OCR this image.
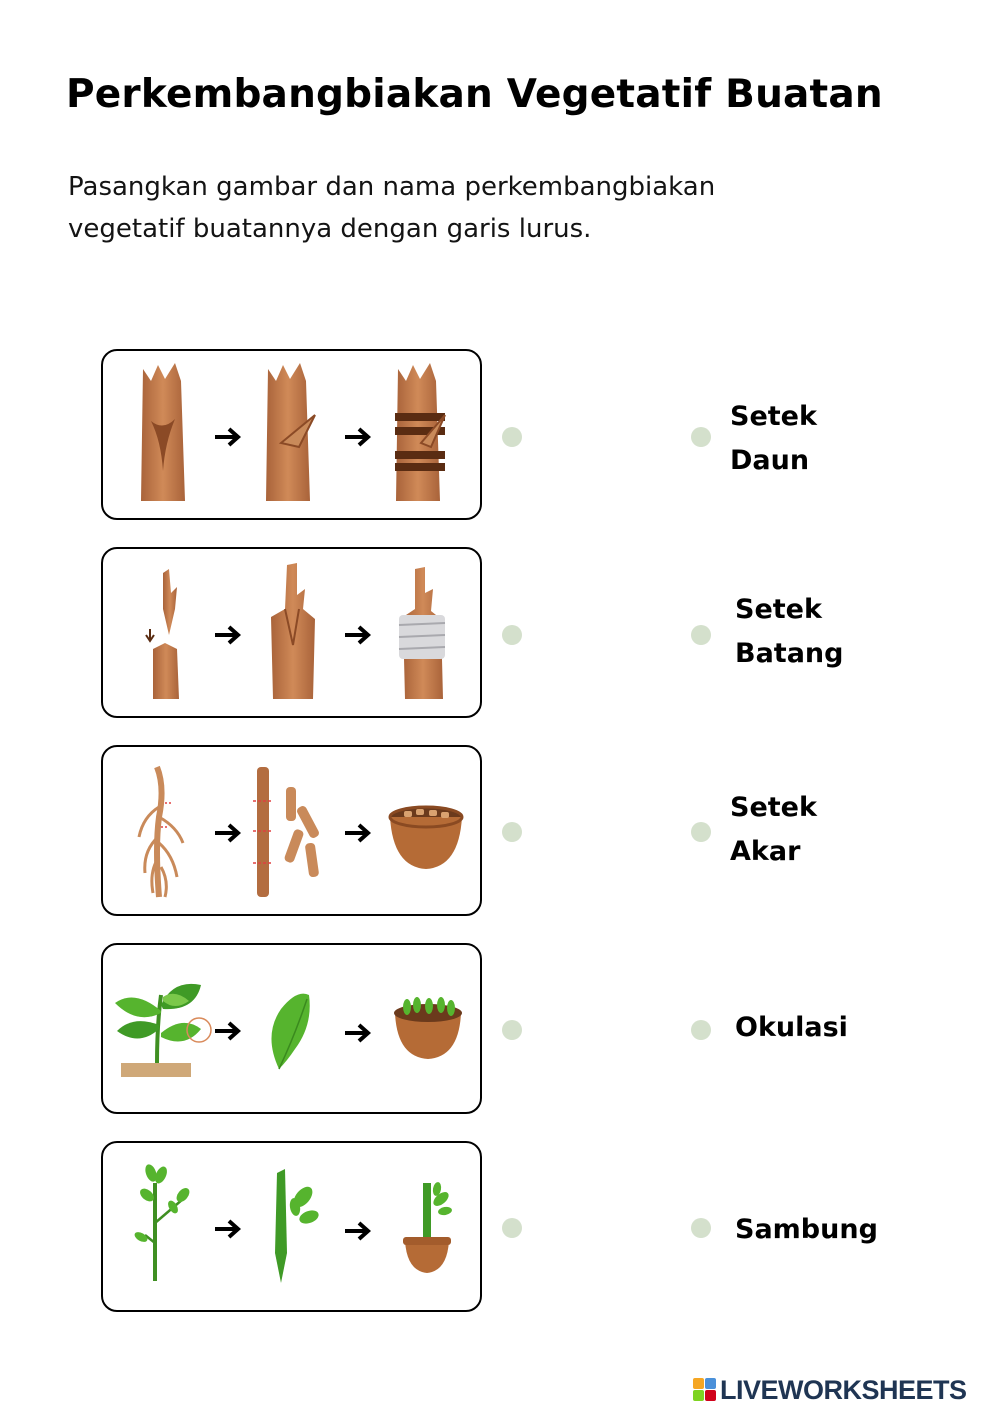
Perkembangbiakan Vegetatif Buatan
Pasangkan gambar dan nama perkembangbiakan
vegetatif buatannya dengan garis lurus.
Setek
Daun
Setek
Batang
Setek
Akar
Okulasi
Sambung
LIVEWORKSHEETS
